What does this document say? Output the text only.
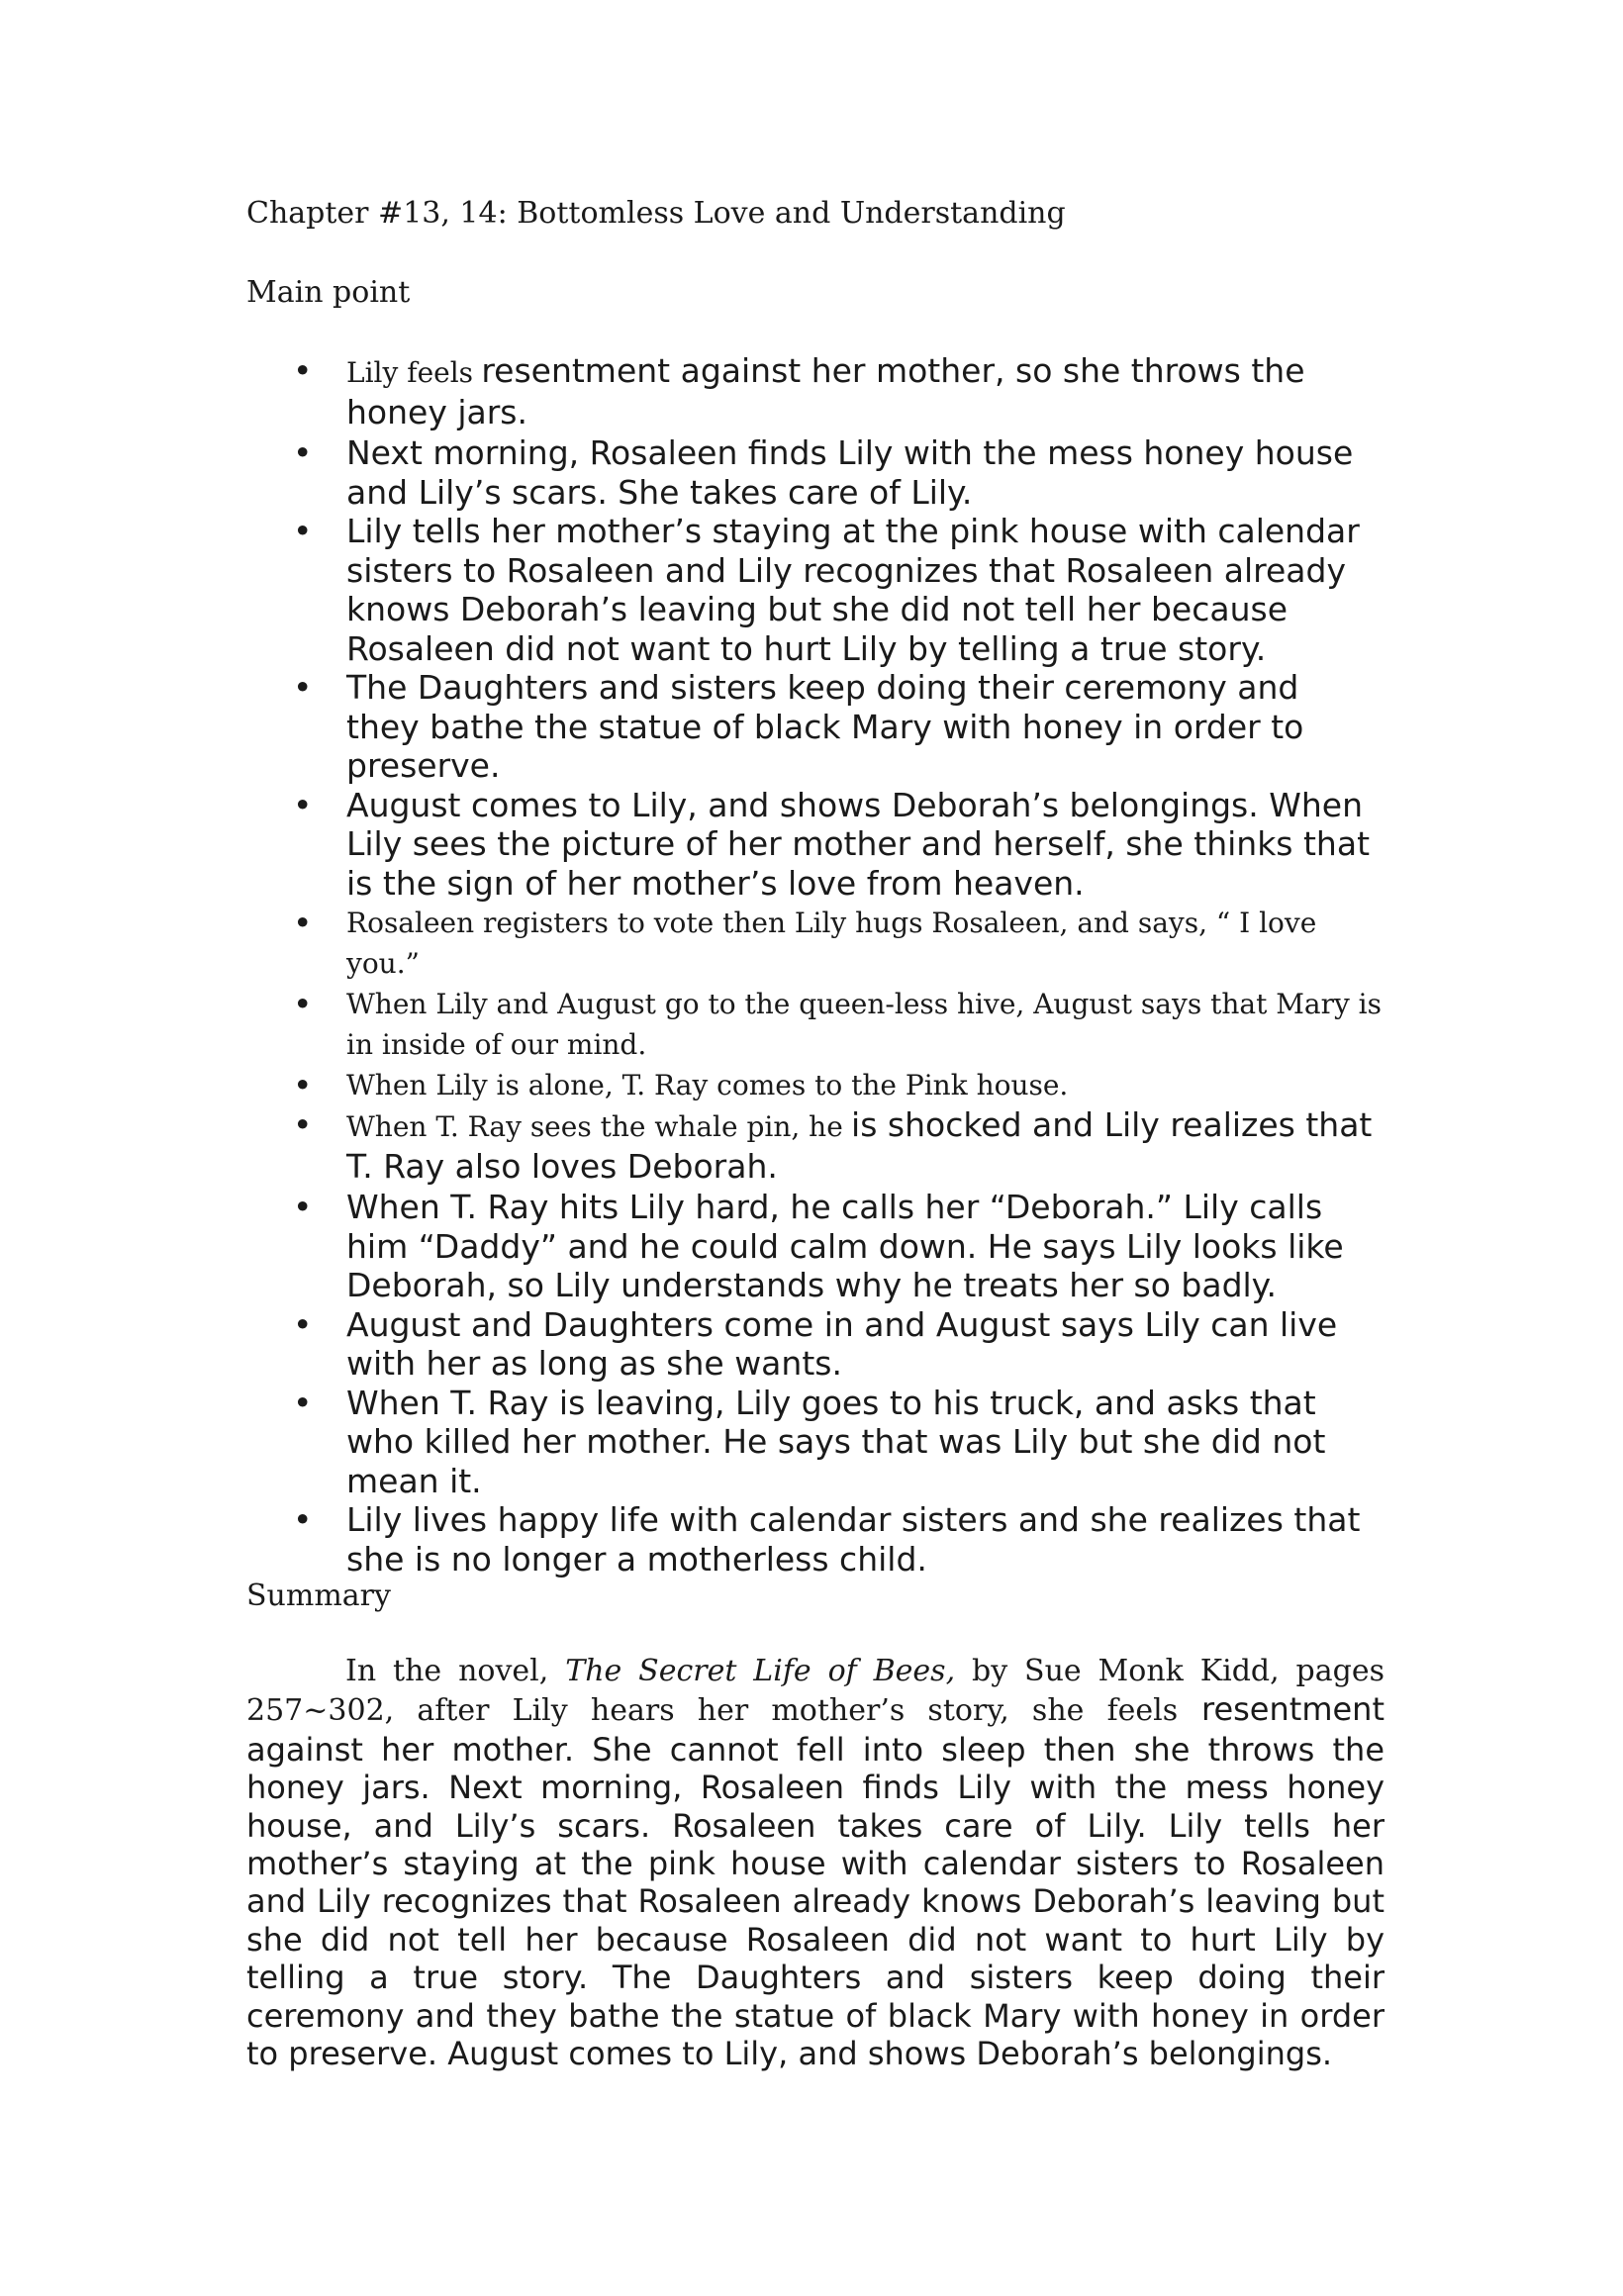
Chapter #13, 14: Bottomless Love and Understanding
Main point
• Lily feels resentment against her mother, so she throws the honey jars.
• Next morning, Rosaleen finds Lily with the mess honey house and Lily’s scars. She takes care of Lily.
• Lily tells her mother’s staying at the pink house with calendar sisters to Rosaleen and Lily recognizes that Rosaleen already knows Deborah’s leaving but she did not tell her because Rosaleen did not want to hurt Lily by telling a true story.
• The Daughters and sisters keep doing their ceremony and they bathe the statue of black Mary with honey in order to preserve.
• August comes to Lily, and shows Deborah’s belongings. When Lily sees the picture of her mother and herself, she thinks that is the sign of her mother’s love from heaven.
• Rosaleen registers to vote then Lily hugs Rosaleen, and says, “ I love you.”
• When Lily and August go to the queen-less hive, August says that Mary is in inside of our mind.
• When Lily is alone, T. Ray comes to the Pink house.
• When T. Ray sees the whale pin, he is shocked and Lily realizes that T. Ray also loves Deborah.
• When T. Ray hits Lily hard, he calls her “Deborah.” Lily calls him “Daddy” and he could calm down. He says Lily looks like Deborah, so Lily understands why he treats her so badly.
• August and Daughters come in and August says Lily can live with her as long as she wants.
• When T. Ray is leaving, Lily goes to his truck, and asks that who killed her mother. He says that was Lily but she did not mean it.
• Lily lives happy life with calendar sisters and she realizes that she is no longer a motherless child.
Summary

In the novel, The Secret Life of Bees, by Sue Monk Kidd, pages 257~302, after Lily hears her mother’s story, she feels resentment against her mother. She cannot fell into sleep then she throws the honey jars. Next morning, Rosaleen finds Lily with the mess honey house, and Lily’s scars. Rosaleen takes care of Lily. Lily tells her mother’s staying at the pink house with calendar sisters to Rosaleen and Lily recognizes that Rosaleen already knows Deborah’s leaving but she did not tell her because Rosaleen did not want to hurt Lily by telling a true story. The Daughters and sisters keep doing their ceremony and they bathe the statue of black Mary with honey in order to preserve. August comes to Lily, and shows Deborah’s belongings.
